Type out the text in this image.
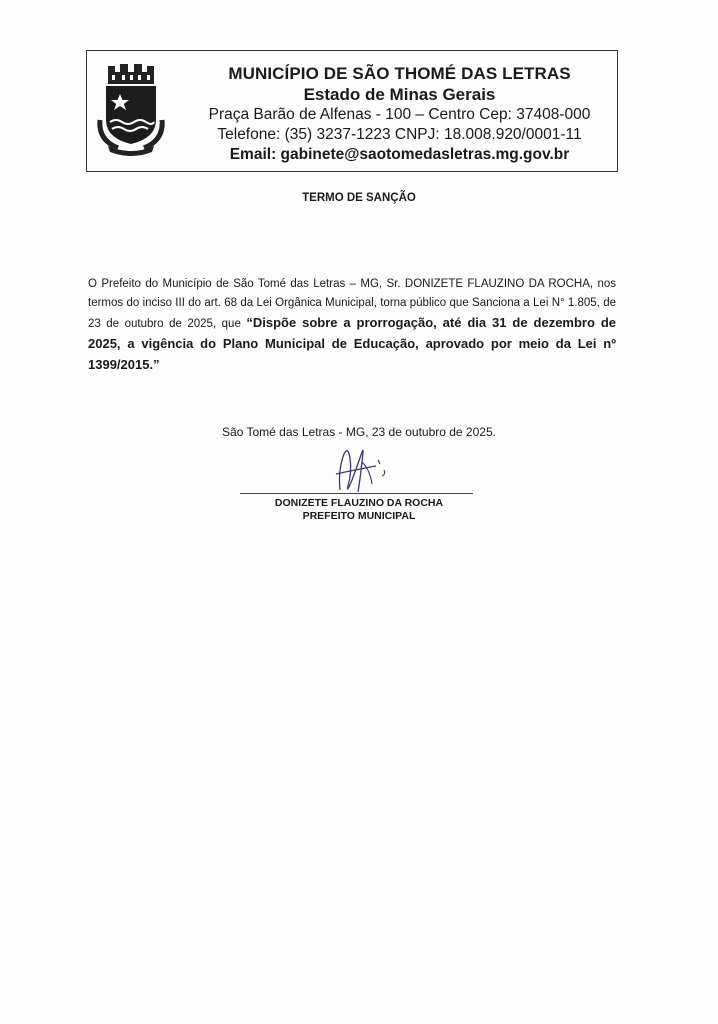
MUNICÍPIO DE SÃO THOMÉ DAS LETRAS
Estado de Minas Gerais
Praça Barão de Alfenas - 100 – Centro Cep: 37408-000
Telefone: (35) 3237-1223 CNPJ: 18.008.920/0001-11
Email: gabinete@saotomedasletras.mg.gov.br
TERMO DE SANÇÃO
O Prefeito do Município de São Tomé das Letras – MG, Sr. DONIZETE FLAUZINO DA ROCHA, nos termos do inciso III do art. 68 da Lei Orgânica Municipal, torna público que Sanciona a Lei N° 1.805, de 23 de outubro de 2025, que “Dispõe sobre a prorrogação, até dia 31 de dezembro de 2025, a vigência do Plano Municipal de Educação, aprovado por meio da Lei nº 1399/2015.”
São Tomé das Letras - MG, 23 de outubro de 2025.
DONIZETE FLAUZINO DA ROCHA
PREFEITO MUNICIPAL
